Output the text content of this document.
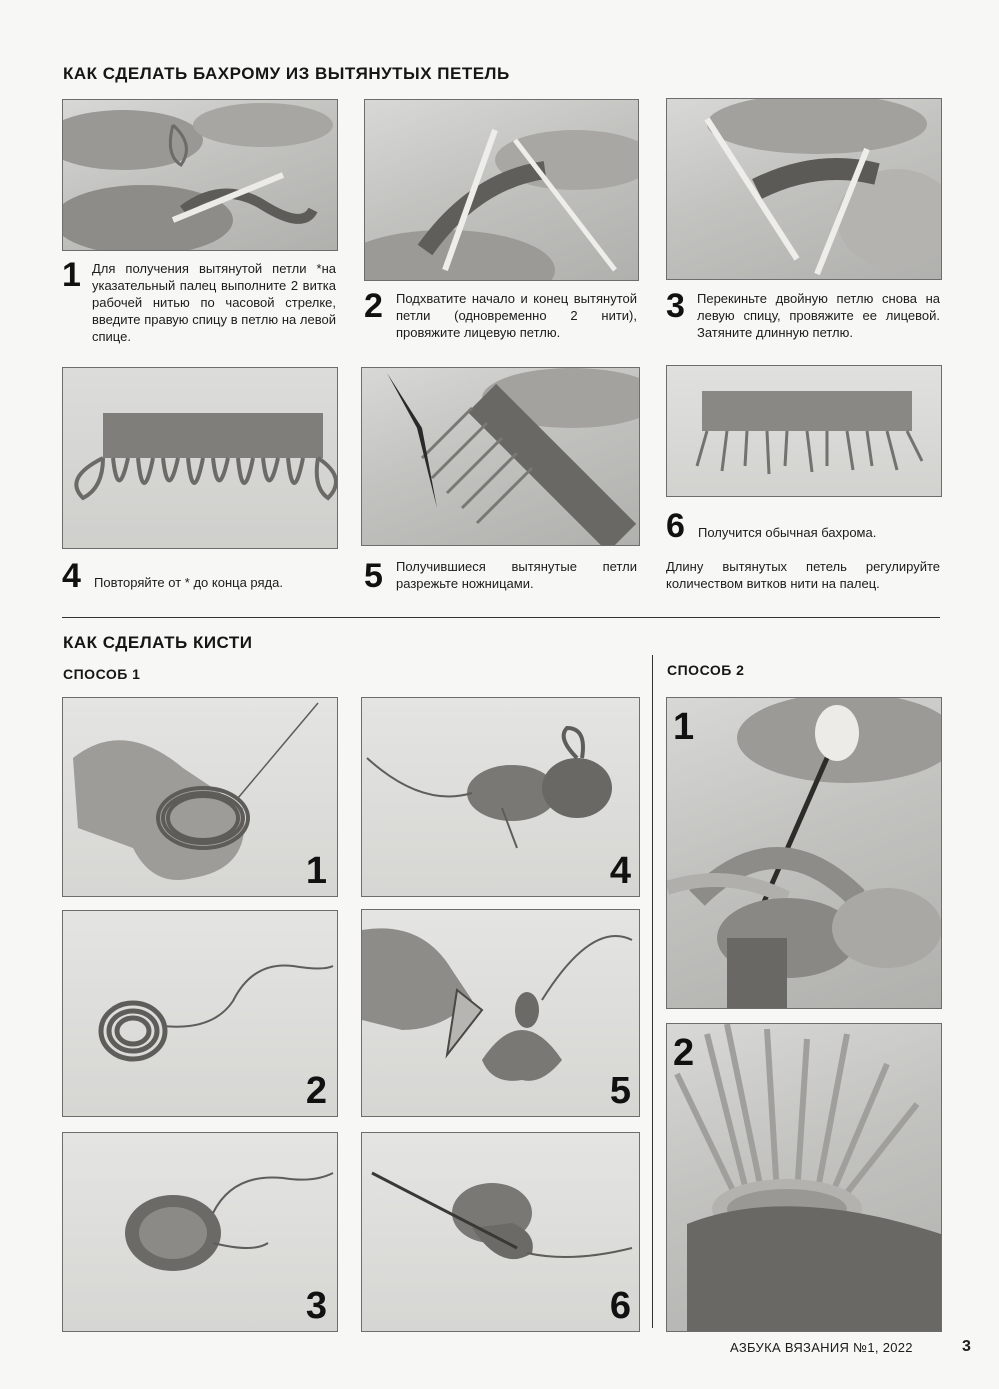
КАК СДЕЛАТЬ БАХРОМУ ИЗ ВЫТЯНУТЫХ ПЕТЕЛЬ
1 Для получения вытянутой петли *на указательный палец выполните 2 витка рабочей нитью по часовой стрелке, введите правую спицу в петлю на левой спице.
2 Подхватите начало и конец вытянутой петли (одновременно 2 нити), провяжите лицевую петлю.
3 Перекиньте двойную петлю снова на левую спицу, провяжите ее лицевой. Затяните длинную петлю.
4 Повторяйте от * до конца ряда.	5 Получившиеся вытянутые петли разрежьте ножницами.
6 Получится обычная бахрома.
Длину вытянутых петель регулируйте количеством витков нити на палец.
КАК СДЕЛАТЬ КИСТИ
СПОСОБ 1	СПОСОБ 2
1
2
3
4
5
6
1
2
АЗБУКА ВЯЗАНИЯ №1, 2022	3
